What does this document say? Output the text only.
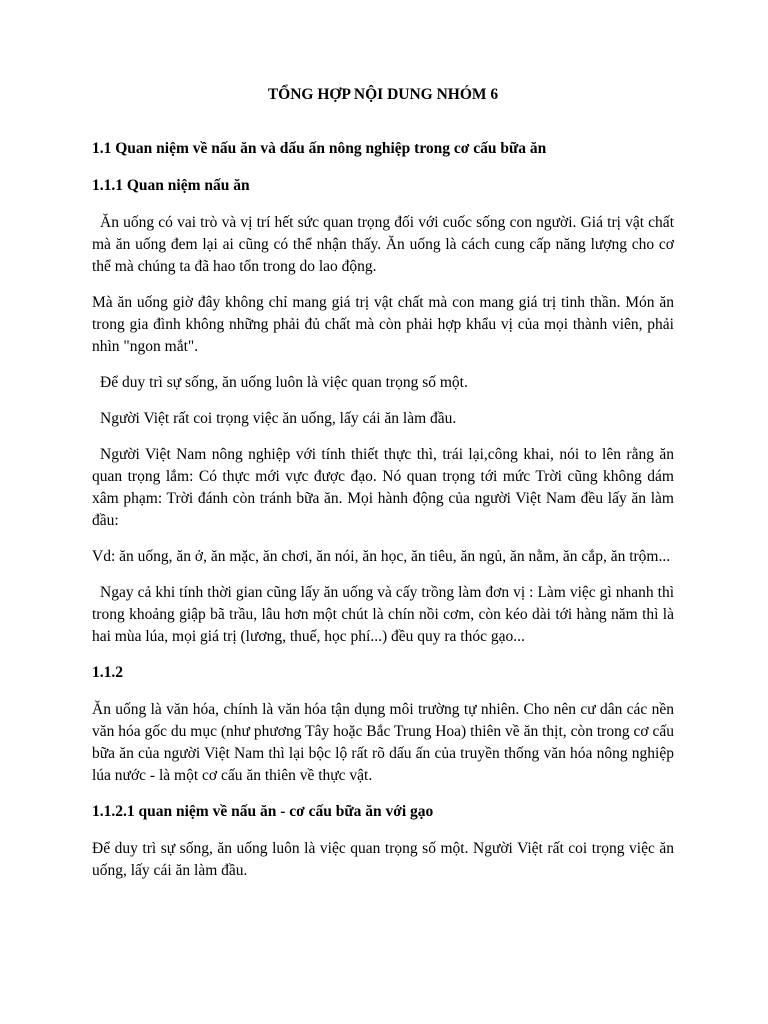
TỔNG HỢP NỘI DUNG NHÓM 6
1.1 Quan niệm về nấu ăn và dấu ấn nông nghiệp trong cơ cấu bữa ăn
1.1.1 Quan niệm nấu ăn
Ăn uống có vai trò và vị trí hết sức quan trọng đối với cuốc sống con người. Giá trị vật chất mà ăn uống đem lại ai cũng có thể nhận thấy. Ăn uống là cách cung cấp năng lượng cho cơ thể mà chúng ta đã hao tổn trong do lao động.
Mà ăn uống giờ đây không chỉ mang giá trị vật chất mà con mang giá trị tinh thần. Món ăn trong gia đình không những phải đủ chất mà còn phải hợp khẩu vị của mọi thành viên, phải nhìn "ngon mắt".
Để duy trì sự sống, ăn uống luôn là việc quan trọng số một.
Người Việt rất coi trọng việc ăn uống, lấy cái ăn làm đầu.
Người Việt Nam nông nghiệp với tính thiết thực thì, trái lại,công khai, nói to lên rằng ăn quan trọng lắm: Có thực mới vực được đạo. Nó quan trọng tới mức Trời cũng không dám xâm phạm: Trời đánh còn tránh bữa ăn. Mọi hành động của người Việt Nam đều lấy ăn làm đầu:
Vd: ăn uống, ăn ở, ăn mặc, ăn chơi, ăn nói, ăn học, ăn tiêu, ăn ngủ, ăn nằm, ăn cắp, ăn trộm...
Ngay cả khi tính thời gian cũng lấy ăn uống và cấy trồng làm đơn vị : Làm việc gì nhanh thì trong khoảng giập bã trầu, lâu hơn một chút là chín nồi cơm, còn kéo dài tới hàng năm thì là hai mùa lúa, mọi giá trị (lương, thuế, học phí...) đều quy ra thóc gạo...
1.1.2
Ăn uống là văn hóa, chính là văn hóa tận dụng môi trường tự nhiên. Cho nên cư dân các nền văn hóa gốc du mục (như phương Tây hoặc Bắc Trung Hoa) thiên về ăn thịt, còn trong cơ cấu bữa ăn của người Việt Nam thì lại bộc lộ rất rõ dấu ấn của truyền thống văn hóa nông nghiệp lúa nước - là một cơ cấu ăn thiên về thực vật.
1.1.2.1 quan niệm về nấu ăn - cơ cấu bữa ăn với gạo
Để duy trì sự sống, ăn uống luôn là việc quan trọng số một. Người Việt rất coi trọng việc ăn uống, lấy cái ăn làm đầu.
